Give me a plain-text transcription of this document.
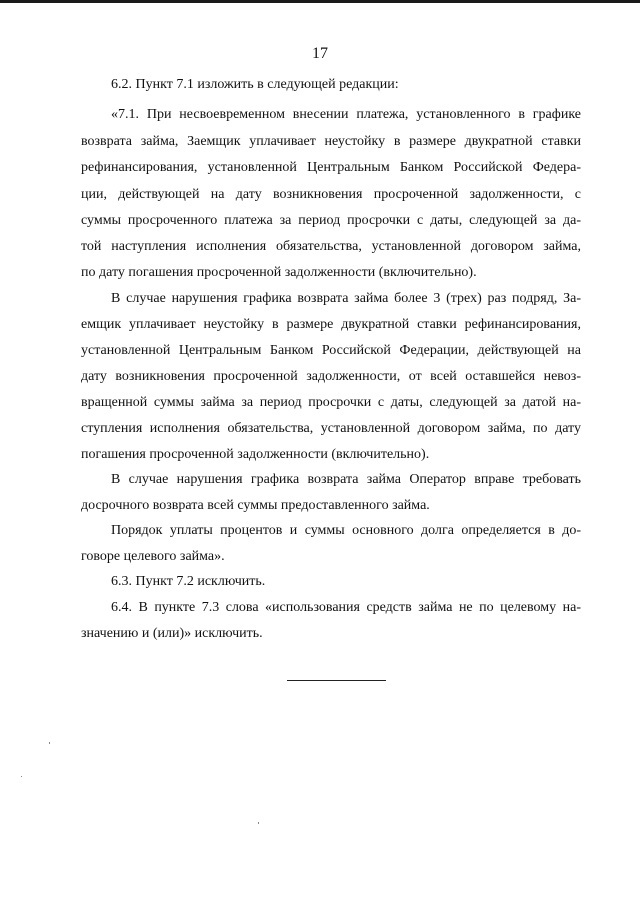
17

6.2. Пункт 7.1 изложить в следующей редакции:

«7.1. При несвоевременном внесении платежа, установленного в графике

возврата займа, Заемщик уплачивает неустойку в размере двукратной ставки

рефинансирования, установленной Центральным Банком Российской Федера-

ции, действующей на дату возникновения просроченной задолженности, с

суммы просроченного платежа за период просрочки с даты, следующей за да-

той наступления исполнения обязательства, установленной договором займа,

по дату погашения просроченной задолженности (включительно).

В случае нарушения графика возврата займа более 3 (трех) раз подряд, За-

емщик уплачивает неустойку в размере двукратной ставки рефинансирования,

установленной Центральным Банком Российской Федерации, действующей на

дату возникновения просроченной задолженности, от всей оставшейся невоз-

вращенной суммы займа за период просрочки с даты, следующей за датой на-

ступления исполнения обязательства, установленной договором займа, по дату

погашения просроченной задолженности (включительно).

В случае нарушения графика возврата займа Оператор вправе требовать

досрочного возврата всей суммы предоставленного займа.

Порядок уплаты процентов и суммы основного долга определяется в до-

говоре целевого займа».

6.3. Пункт 7.2 исключить.

6.4. В пункте 7.3 слова «использования средств займа не по целевому на-

значению и (или)» исключить.
